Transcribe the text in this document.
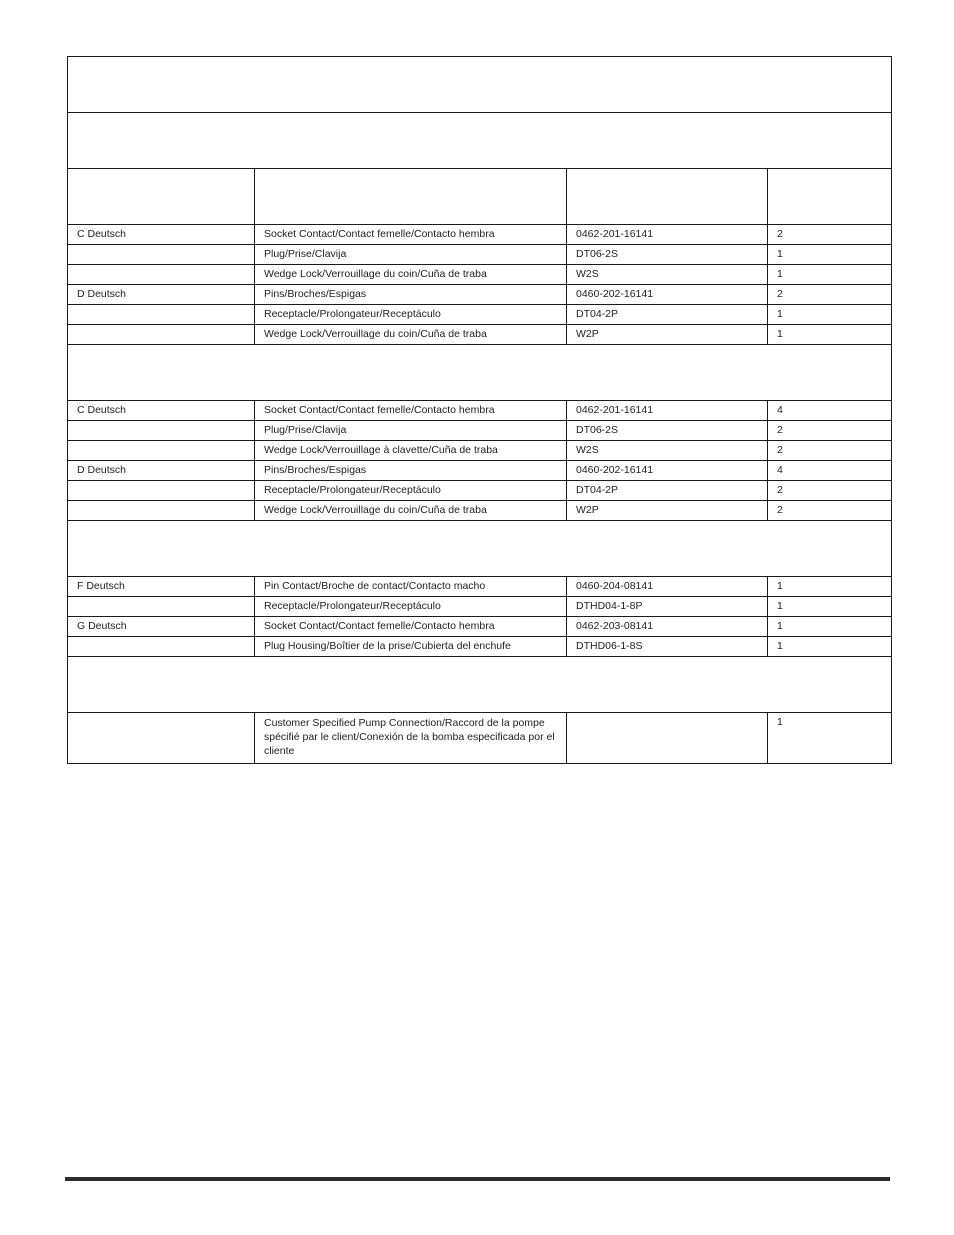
C Deutsch	Socket Contact/Contact femelle/Contacto hembra	0462-201-16141	2
	Plug/Prise/Clavija	DT06-2S	1
	Wedge Lock/Verrouillage du coin/Cuña de traba	W2S	1
D Deutsch	Pins/Broches/Espigas	0460-202-16141	2
	Receptacle/Prolongateur/Receptáculo	DT04-2P	1
	Wedge Lock/Verrouillage du coin/Cuña de traba	W2P	1

C Deutsch	Socket Contact/Contact femelle/Contacto hembra	0462-201-16141	4
	Plug/Prise/Clavija	DT06-2S	2
	Wedge Lock/Verrouillage à clavette/Cuña de traba	W2S	2
D Deutsch	Pins/Broches/Espigas	0460-202-16141	4
	Receptacle/Prolongateur/Receptáculo	DT04-2P	2
	Wedge Lock/Verrouillage du coin/Cuña de traba	W2P	2

F Deutsch	Pin Contact/Broche de contact/Contacto macho	0460-204-08141	1
	Receptacle/Prolongateur/Receptáculo	DTHD04-1-8P	1
G Deutsch	Socket Contact/Contact femelle/Contacto hembra	0462-203-08141	1
	Plug Housing/Boîtier de la prise/Cubierta del enchufe	DTHD06-1-8S	1

	Customer Specified Pump Connection/Raccord de la pompe spécifié par le client/Conexión de la bomba especificada por el cliente		1
